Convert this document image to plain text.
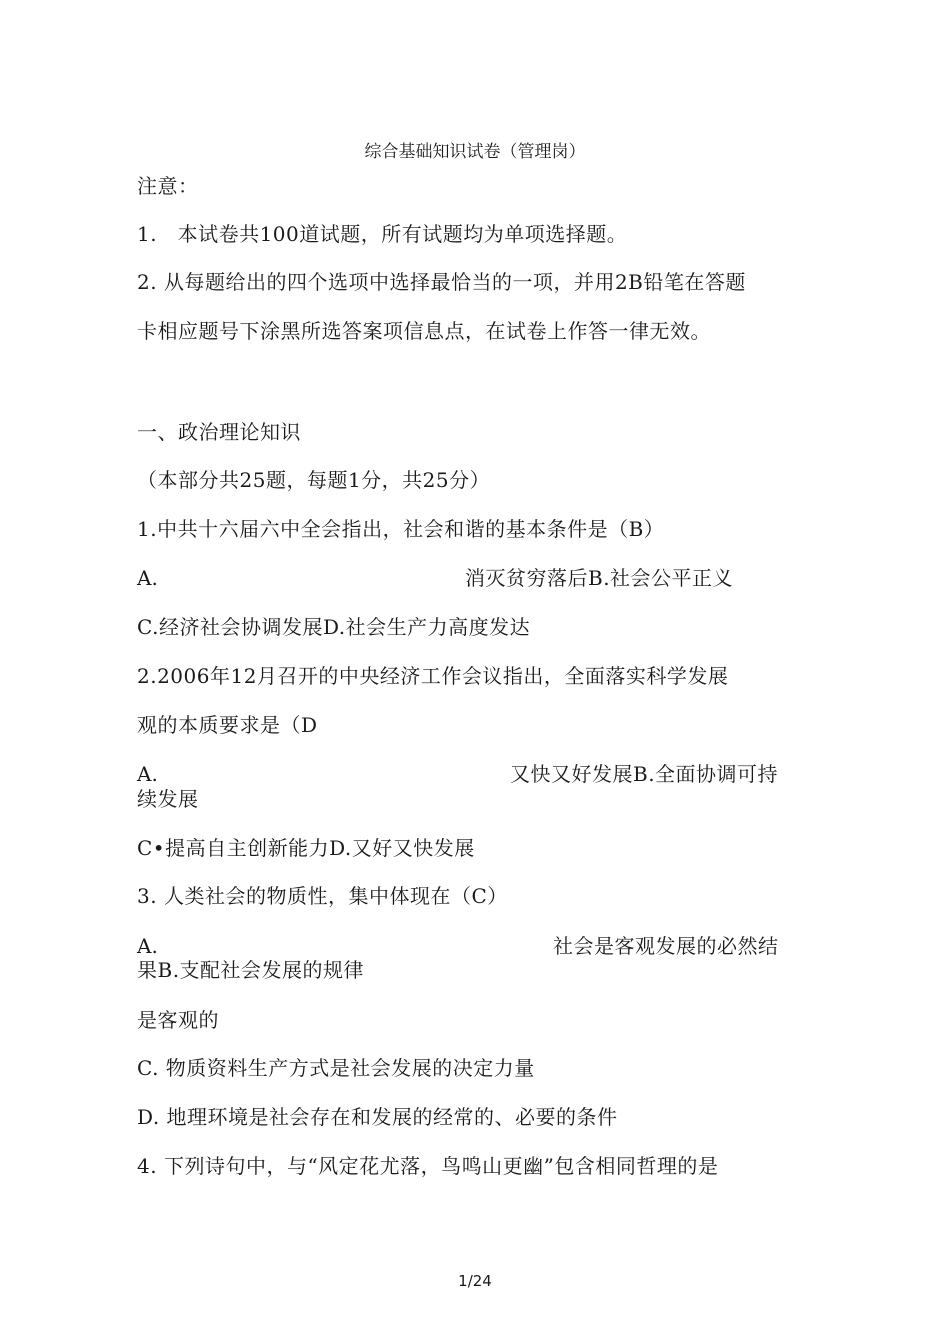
综合基础知识试卷（管理岗）
注意：
1.　本试卷共100道试题，所有试题均为单项选择题。
2. 从每题给出的四个选项中选择最恰当的一项，并用2B铅笔在答题
卡相应题号下涂黑所选答案项信息点，在试卷上作答一律无效。
一、政治理论知识
（本部分共25题，每题1分，共25分）
1.中共十六届六中全会指出，社会和谐的基本条件是（B）
A.	消灭贫穷落后B.社会公平正义
C.经济社会协调发展D.社会生产力高度发达
2.2006年12月召开的中央经济工作会议指出，全面落实科学发展
观的本质要求是（D
A.	又快又好发展B.全面协调可持
续发展
C•提高自主创新能力D.又好又快发展
3. 人类社会的物质性，集中体现在（C）
A.	社会是客观发展的必然结
果B.支配社会发展的规律
是客观的
C. 物质资料生产方式是社会发展的决定力量
D. 地理环境是社会存在和发展的经常的、必要的条件
4. 下列诗句中，与“风定花尤落，鸟鸣山更幽”包含相同哲理的是
1/24
